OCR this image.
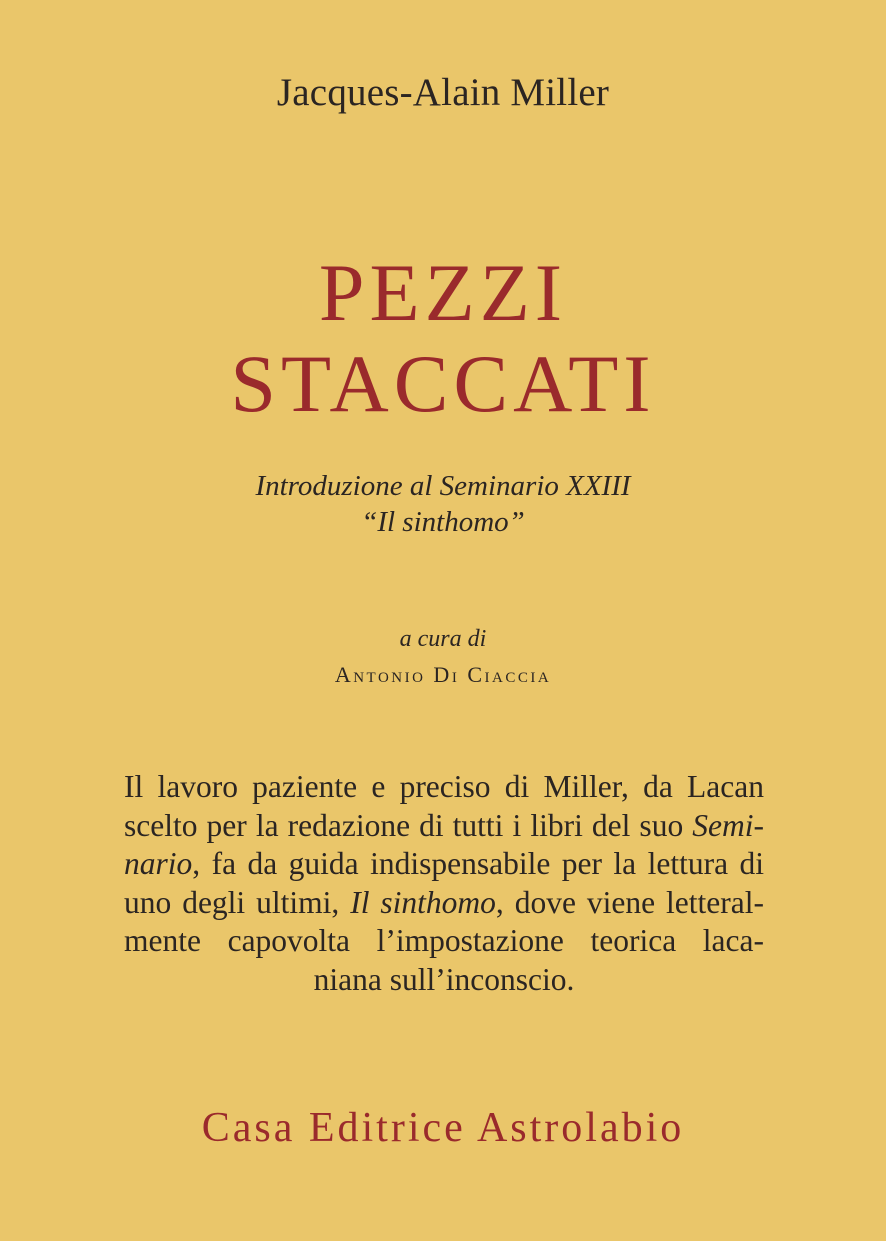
Jacques-Alain Miller
PEZZI
STACCATI
Introduzione al Seminario XXIII
“Il sinthomo”
a cura di
Antonio Di Ciaccia
Il lavoro paziente e preciso di Miller, da Lacan
scelto per la redazione di tutti i libri del suo Semi-
nario, fa da guida indispensabile per la lettura di
uno degli ultimi, Il sinthomo, dove viene letteral-
mente capovolta l’impostazione teorica laca-
niana sull’inconscio.
Casa Editrice Astrolabio
